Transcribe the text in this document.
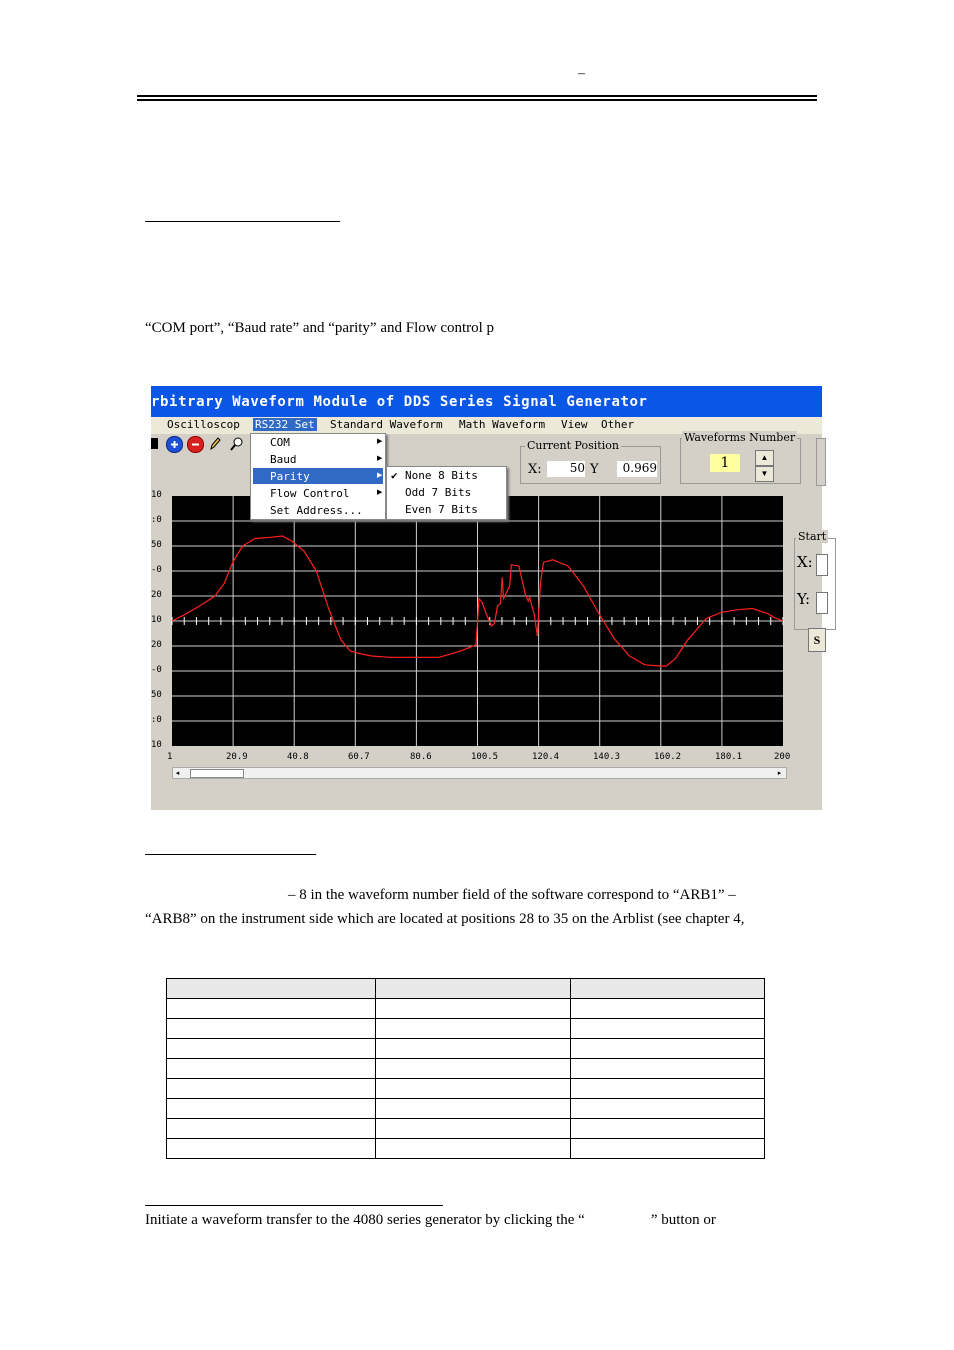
–
“COM port”, “Baud rate” and “parity” and Flow control p
rbitrary Waveform Module of DDS Series Signal Generator
Oscilloscop RS232 Set Standard Waveform Math Waveform View Other
Current Position
X:	50 Y	0.969
Waveforms Number
1	▲
▼
Start
X:
Y:
S
10
:0
50
-0
20
10
20
-0
50
:0
10
1	20.9	40.8	60.7	80.6	100.5	120.4	140.3	160.2	180.1	200
◂	▸
COM	▶
Baud	▶
Parity	▶
Flow Control	▶
Set Address...
✔ None 8 Bits
Odd 7 Bits
Even 7 Bits
– 8 in the waveform number field of the software correspond to “ARB1” –
“ARB8” on the instrument side which are located at positions 28 to 35 on the Arblist (see chapter 4,

Initiate a waveform transfer to the 4080 series generator by clicking the “	” button or
